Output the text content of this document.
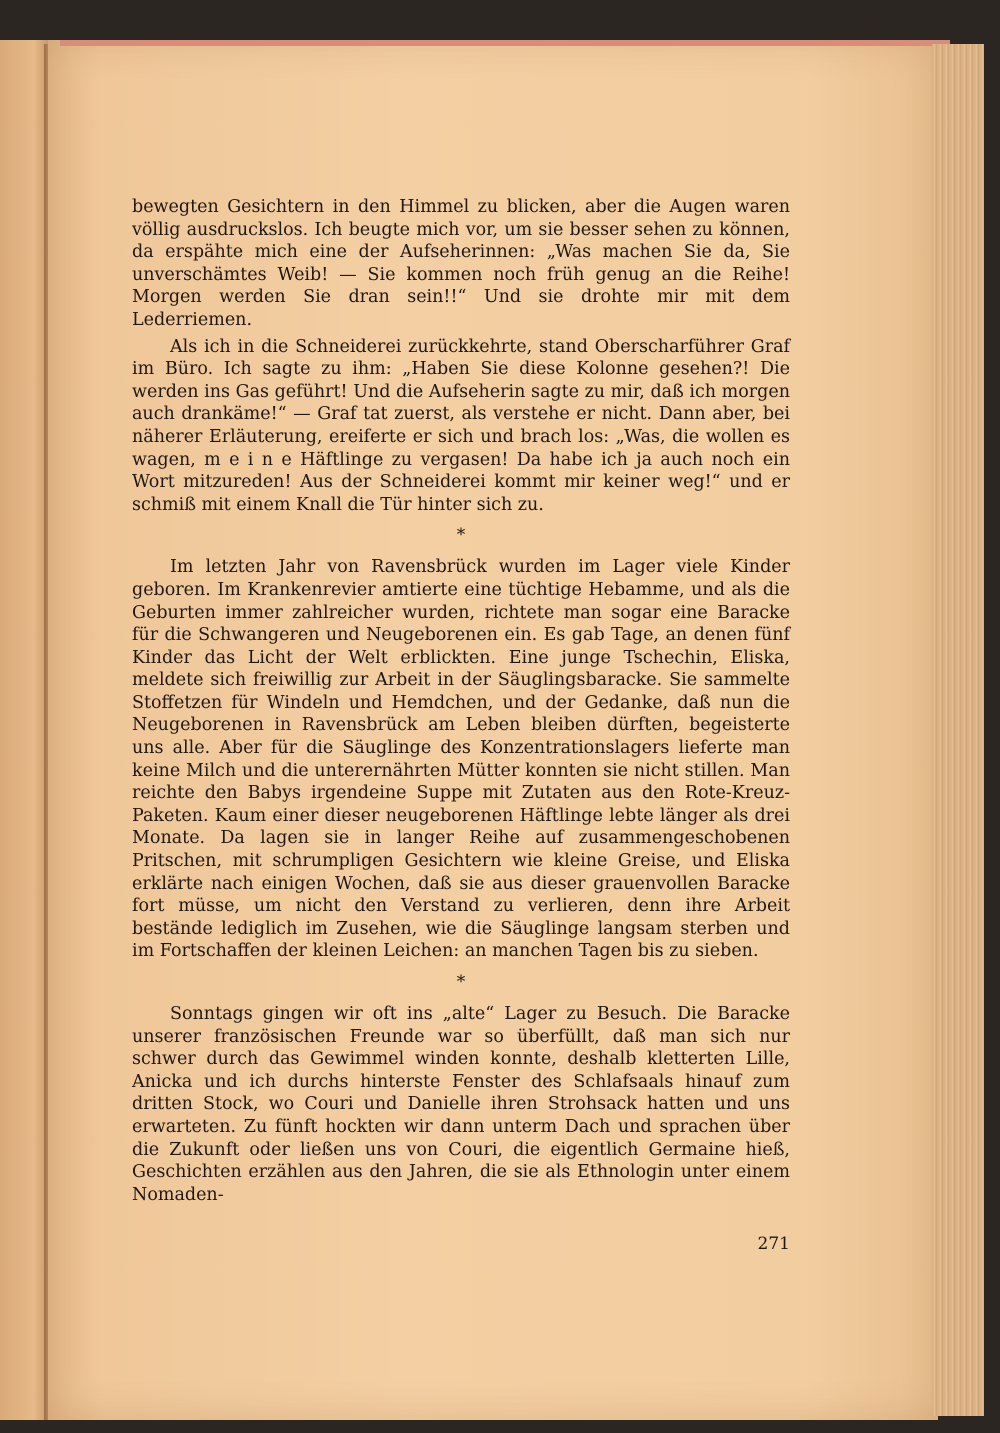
bewegten Gesichtern in den Himmel zu blicken, aber die Augen waren völlig ausdruckslos. Ich beugte mich vor, um sie besser sehen zu können, da erspähte mich eine der Aufseherinnen: „Was machen Sie da, Sie unverschämtes Weib! — Sie kommen noch früh genug an die Reihe! Morgen werden Sie dran sein!!“ Und sie drohte mir mit dem Lederriemen.

Als ich in die Schneiderei zurückkehrte, stand Oberscharführer Graf im Büro. Ich sagte zu ihm: „Haben Sie diese Kolonne gesehen?! Die werden ins Gas geführt! Und die Aufseherin sagte zu mir, daß ich morgen auch drankäme!“ — Graf tat zuerst, als verstehe er nicht. Dann aber, bei näherer Erläuterung, ereiferte er sich und brach los: „Was, die wollen es wagen, m e i n e Häftlinge zu vergasen! Da habe ich ja auch noch ein Wort mitzureden! Aus der Schneiderei kommt mir keiner weg!“ und er schmiß mit einem Knall die Tür hinter sich zu.

*

Im letzten Jahr von Ravensbrück wurden im Lager viele Kinder geboren. Im Krankenrevier amtierte eine tüchtige Hebamme, und als die Geburten immer zahlreicher wurden, richtete man sogar eine Baracke für die Schwangeren und Neugeborenen ein. Es gab Tage, an denen fünf Kinder das Licht der Welt erblickten. Eine junge Tschechin, Eliska, meldete sich freiwillig zur Arbeit in der Säuglingsbaracke. Sie sammelte Stoffetzen für Windeln und Hemdchen, und der Gedanke, daß nun die Neugeborenen in Ravensbrück am Leben bleiben dürften, begeisterte uns alle. Aber für die Säuglinge des Konzentrationslagers lieferte man keine Milch und die unterernährten Mütter konnten sie nicht stillen. Man reichte den Babys irgendeine Suppe mit Zutaten aus den Rote-Kreuz-Paketen. Kaum einer dieser neugeborenen Häftlinge lebte länger als drei Monate. Da lagen sie in langer Reihe auf zusammengeschobenen Pritschen, mit schrumpligen Gesichtern wie kleine Greise, und Eliska erklärte nach einigen Wochen, daß sie aus dieser grauenvollen Baracke fort müsse, um nicht den Verstand zu verlieren, denn ihre Arbeit bestände lediglich im Zusehen, wie die Säuglinge langsam sterben und im Fortschaffen der kleinen Leichen: an manchen Tagen bis zu sieben.

*

Sonntags gingen wir oft ins „alte“ Lager zu Besuch. Die Baracke unserer französischen Freunde war so überfüllt, daß man sich nur schwer durch das Gewimmel winden konnte, deshalb kletterten Lille, Anicka und ich durchs hinterste Fenster des Schlafsaals hinauf zum dritten Stock, wo Couri und Danielle ihren Strohsack hatten und uns erwarteten. Zu fünft hockten wir dann unterm Dach und sprachen über die Zukunft oder ließen uns von Couri, die eigentlich Germaine hieß, Geschichten erzählen aus den Jahren, die sie als Ethnologin unter einem Nomaden-

271
